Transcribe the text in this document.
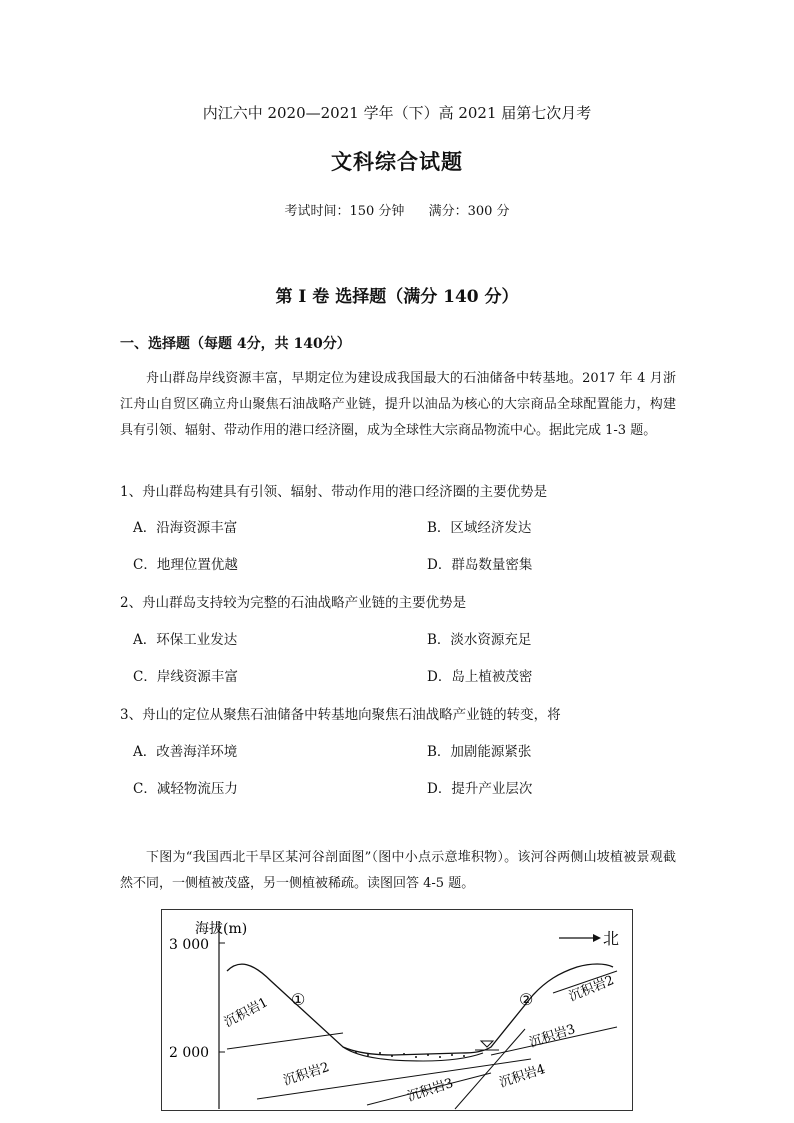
内江六中 2020—2021 学年（下）高 2021 届第七次月考
文科综合试题
考试时间：150 分钟 满分：300 分
第 I 卷 选择题（满分 140 分）
一、选择题（每题 4分，共 140分）
舟山群岛岸线资源丰富，早期定位为建设成我国最大的石油储备中转基地。2017 年 4 月浙江舟山自贸区确立舟山聚焦石油战略产业链，提升以油品为核心的大宗商品全球配置能力，构建具有引领、辐射、带动作用的港口经济圈，成为全球性大宗商品物流中心。据此完成 1-3 题。
1、舟山群岛构建具有引领、辐射、带动作用的港口经济圈的主要优势是
A．沿海资源丰富	B．区域经济发达
C．地理位置优越	D．群岛数量密集
2、舟山群岛支持较为完整的石油战略产业链的主要优势是
A．环保工业发达	B．淡水资源充足
C．岸线资源丰富	D．岛上植被茂密
3、舟山的定位从聚焦石油储备中转基地向聚焦石油战略产业链的转变，将
A．改善海洋环境	B．加剧能源紧张
C．减轻物流压力	D．提升产业层次
下图为“我国西北干旱区某河谷剖面图”（图中小点示意堆积物）。该河谷两侧山坡植被景观截然不同，一侧植被茂盛，另一侧植被稀疏。读图回答 4-5 题。
海拔(m)
3 000
2 000
北
①	②
沉积岩1
沉积岩2
沉积岩3	沉积岩4
沉积岩3
沉积岩2
